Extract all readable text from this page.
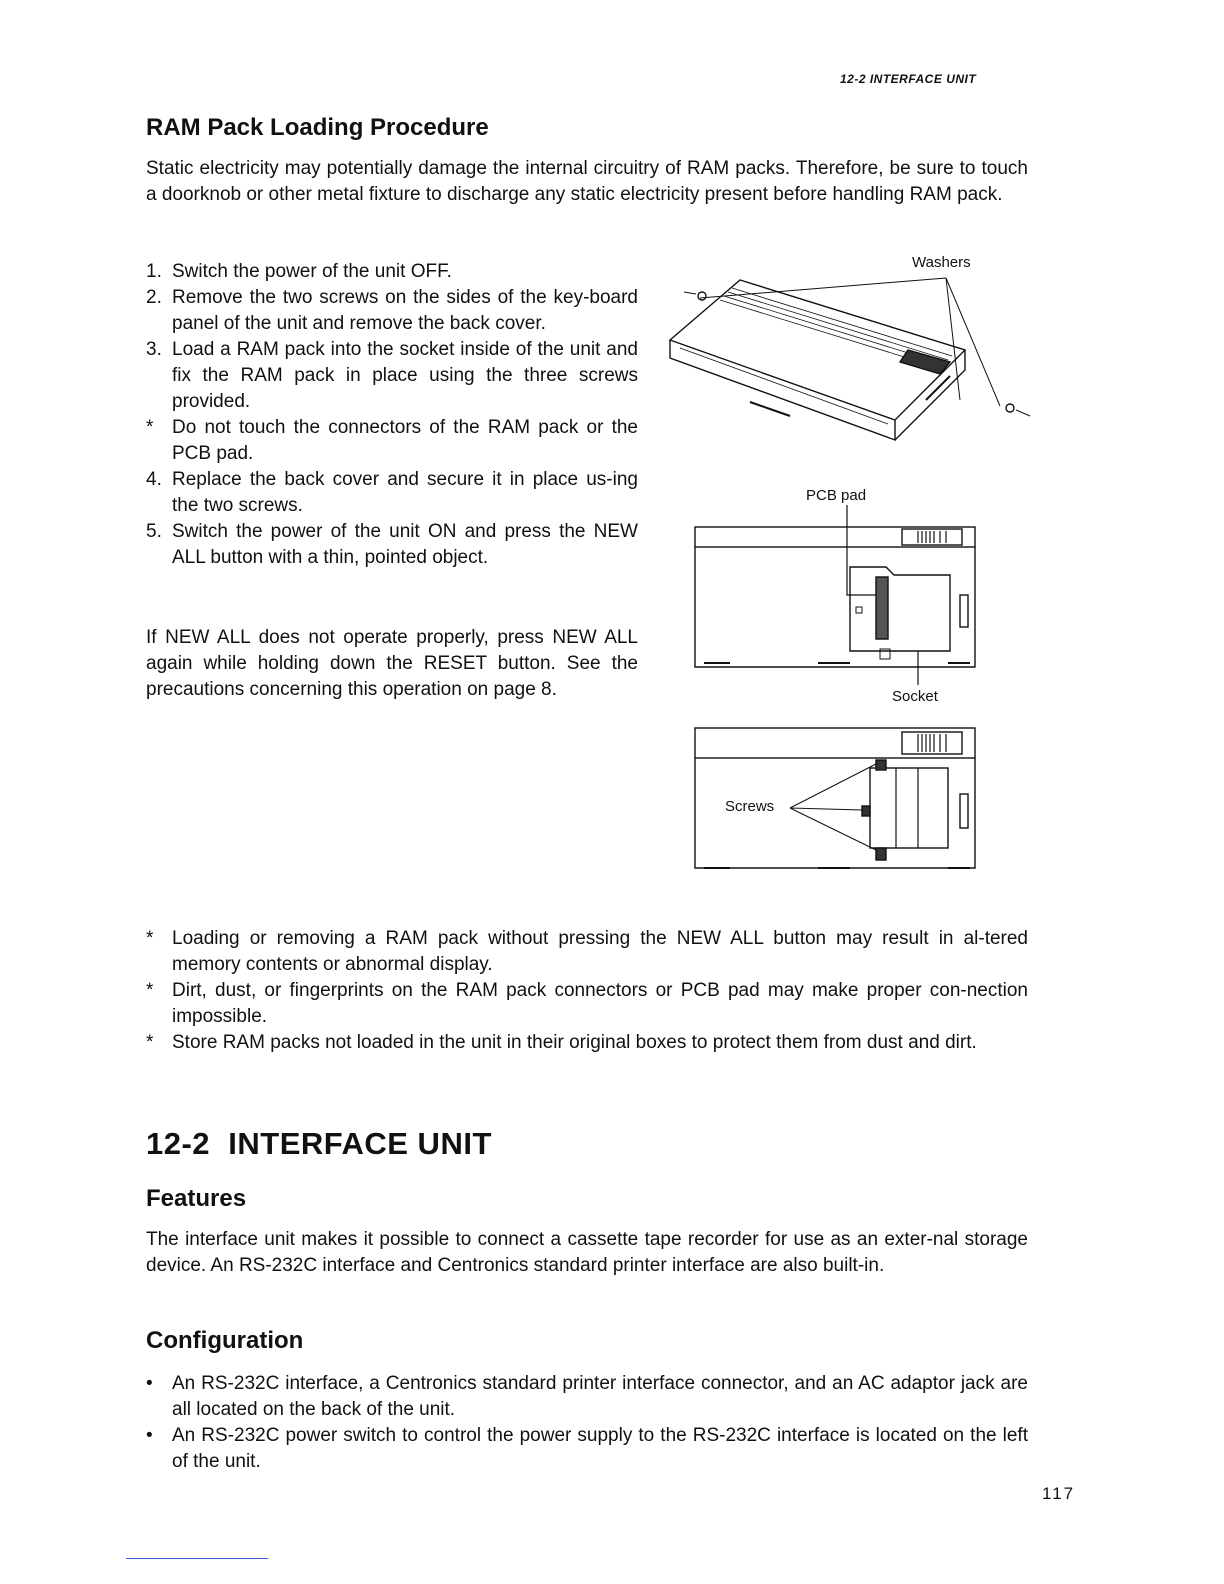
12-2 INTERFACE UNIT
RAM Pack Loading Procedure

Static electricity may potentially damage the internal circuitry of RAM packs. Therefore, be sure to touch a doorknob or other metal fixture to discharge any static electricity present before handling RAM pack.

1. Switch the power of the unit OFF.
2. Remove the two screws on the sides of the key-board panel of the unit and remove the back cover.
3. Load a RAM pack into the socket inside of the unit and fix the RAM pack in place using the three screws provided.
* Do not touch the connectors of the RAM pack or the PCB pad.
4. Replace the back cover and secure it in place us-ing the two screws.
5. Switch the power of the unit ON and press the NEW ALL button with a thin, pointed object.

If NEW ALL does not operate properly, press NEW ALL again while holding down the RESET button. See the precautions concerning this operation on page 8.

Washers
PCB pad
Socket
Screws
* Loading or removing a RAM pack without pressing the NEW ALL button may result in al-tered memory contents or abnormal display.
* Dirt, dust, or fingerprints on the RAM pack connectors or PCB pad may make proper con-nection impossible.
* Store RAM packs not loaded in the unit in their original boxes to protect them from dust and dirt.
12-2  INTERFACE UNIT
Features

The interface unit makes it possible to connect a cassette tape recorder for use as an exter-nal storage device. An RS-232C interface and Centronics standard printer interface are also built-in.

Configuration
• An RS-232C interface, a Centronics standard printer interface connector, and an AC adaptor jack are all located on the back of the unit.
• An RS-232C power switch to control the power supply to the RS-232C interface is located on the left of the unit.
117
